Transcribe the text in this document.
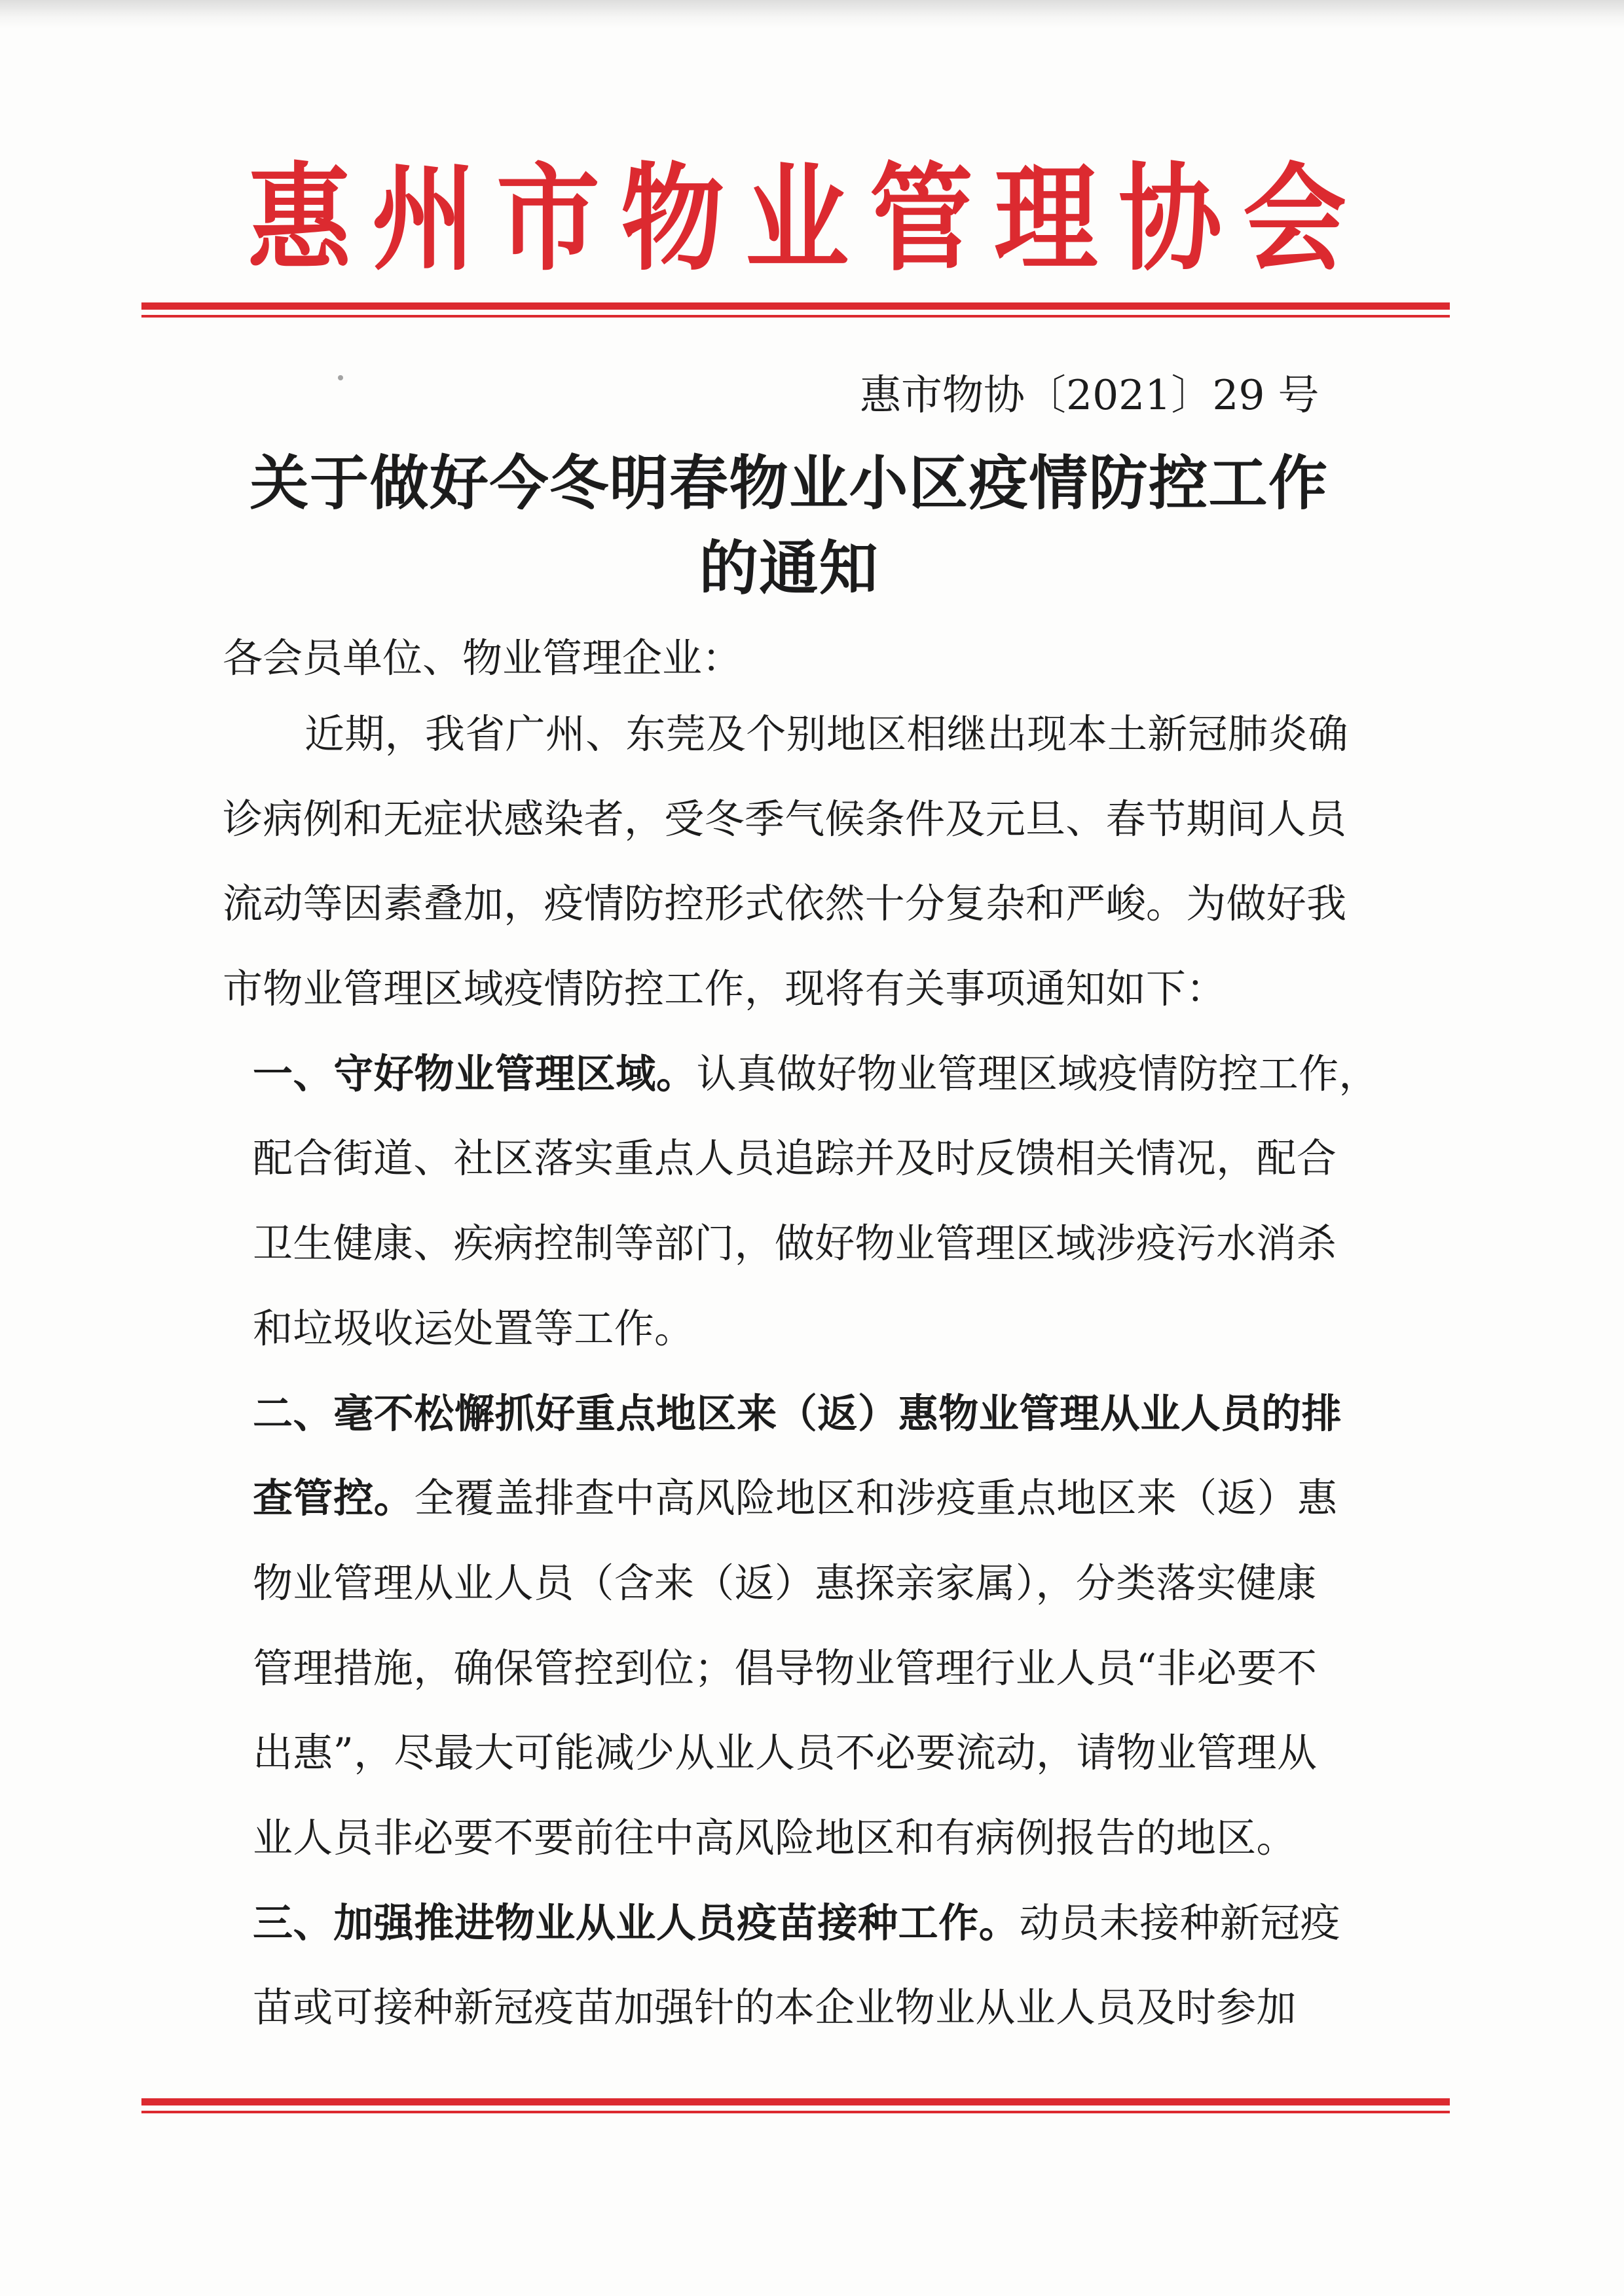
惠州市物业管理协会
惠市物协〔2021〕29 号
关于做好今冬明春物业小区疫情防控工作
的通知
各会员单位、物业管理企业：
近期，我省广州、东莞及个别地区相继出现本土新冠肺炎确
诊病例和无症状感染者，受冬季气候条件及元旦、春节期间人员
流动等因素叠加，疫情防控形式依然十分复杂和严峻。为做好我
市物业管理区域疫情防控工作，现将有关事项通知如下：
一、守好物业管理区域。认真做好物业管理区域疫情防控工作，
配合街道、社区落实重点人员追踪并及时反馈相关情况，配合
卫生健康、疾病控制等部门，做好物业管理区域涉疫污水消杀
和垃圾收运处置等工作。
二、毫不松懈抓好重点地区来（返）惠物业管理从业人员的排
查管控。全覆盖排查中高风险地区和涉疫重点地区来（返）惠
物业管理从业人员（含来（返）惠探亲家属），分类落实健康
管理措施，确保管控到位；倡导物业管理行业人员“非必要不
出惠”，尽最大可能减少从业人员不必要流动，请物业管理从
业人员非必要不要前往中高风险地区和有病例报告的地区。
三、加强推进物业从业人员疫苗接种工作。动员未接种新冠疫
苗或可接种新冠疫苗加强针的本企业物业从业人员及时参加
